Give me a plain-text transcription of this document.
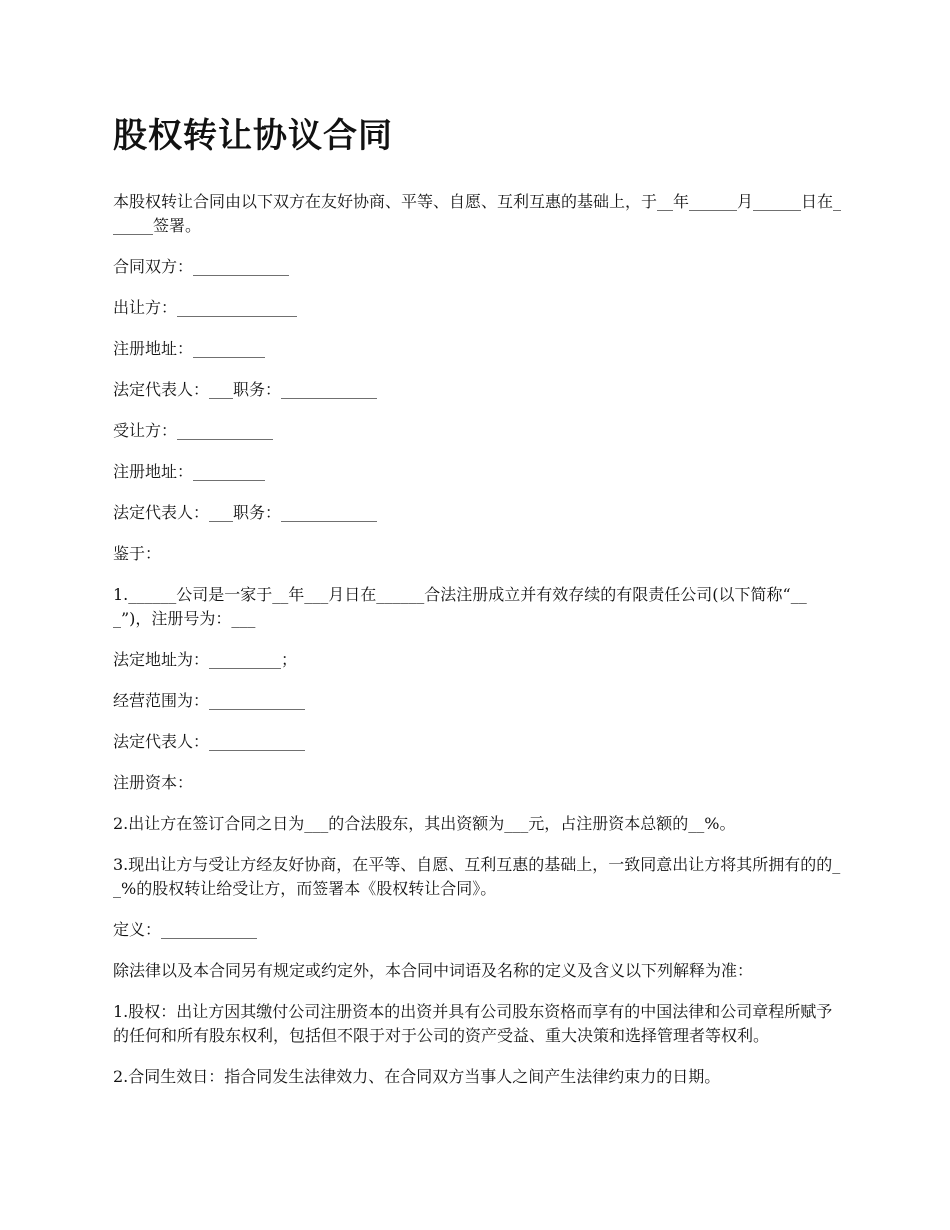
股权转让协议合同

本股权转让合同由以下双方在友好协商、平等、自愿、互利互惠的基础上，于__年______月______日在______签署。

合同双方：____________

出让方：_______________

注册地址：_________

法定代表人：___职务：____________

受让方：____________

注册地址：_________

法定代表人：___职务：____________

鉴于：

1.______公司是一家于__年___月日在______合法注册成立并有效存续的有限责任公司(以下简称“___”)，注册号为：___

法定地址为：_________；

经营范围为：____________

法定代表人：____________

注册资本：

2.出让方在签订合同之日为___的合法股东，其出资额为___元，占注册资本总额的__%。

3.现出让方与受让方经友好协商，在平等、自愿、互利互惠的基础上，一致同意出让方将其所拥有的的__%的股权转让给受让方，而签署本《股权转让合同》。

定义：____________

除法律以及本合同另有规定或约定外，本合同中词语及名称的定义及含义以下列解释为准：

1.股权：出让方因其缴付公司注册资本的出资并具有公司股东资格而享有的中国法律和公司章程所赋予的任何和所有股东权利，包括但不限于对于公司的资产受益、重大决策和选择管理者等权利。

2.合同生效日：指合同发生法律效力、在合同双方当事人之间产生法律约束力的日期。
